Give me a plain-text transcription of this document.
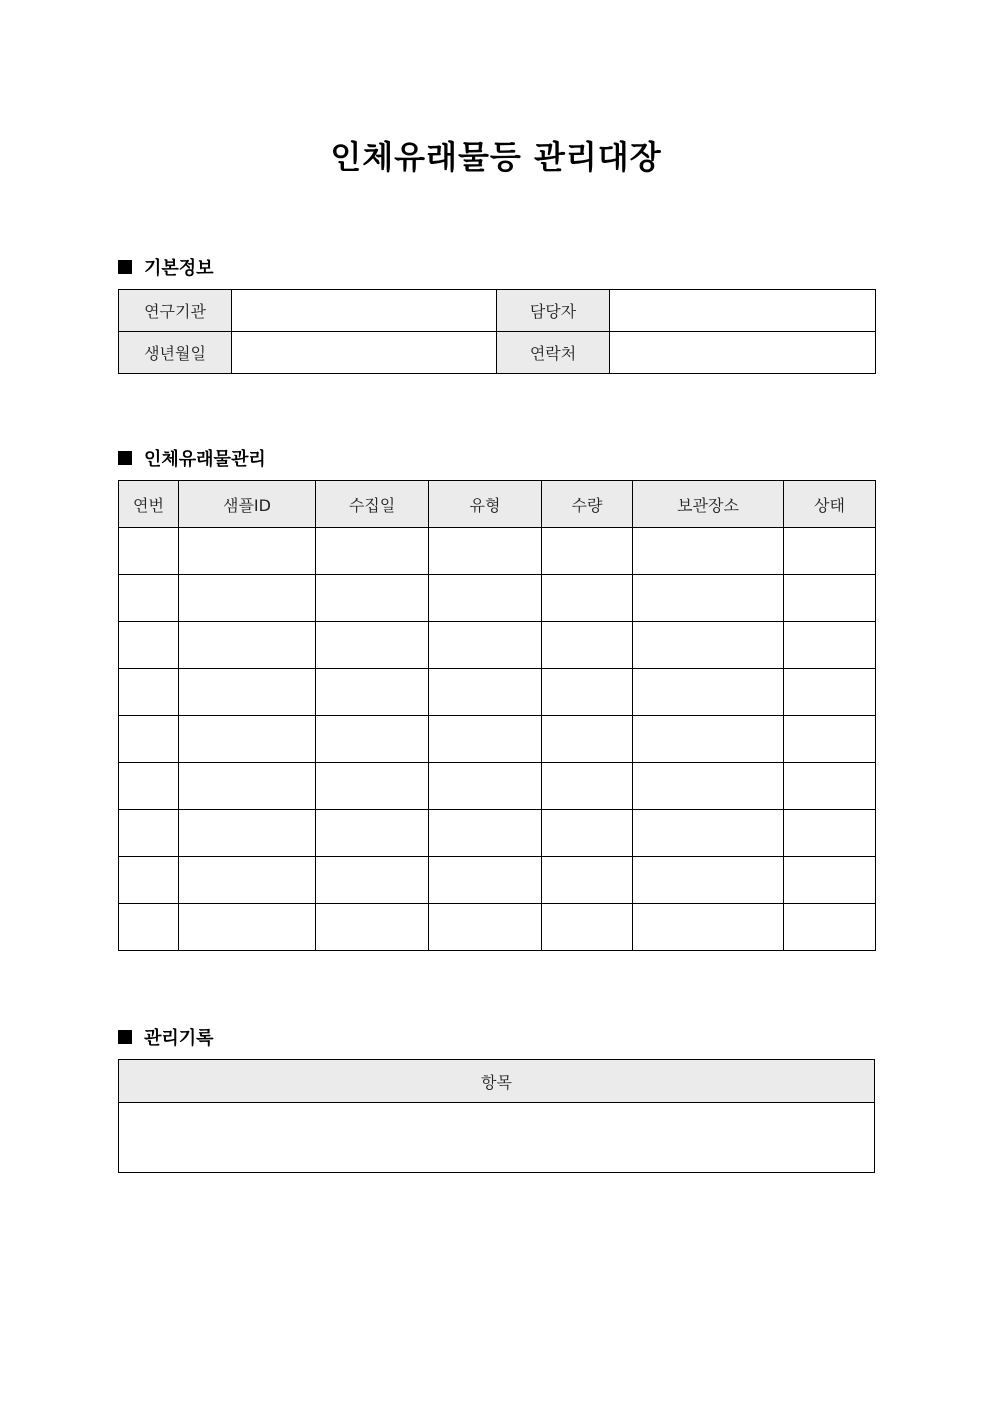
인체유래물등 관리대장
기본정보
연구기관		담당자	
생년월일		연락처	
인체유래물관리
연번	샘플ID	수집일	유형	수량	보관장소	상태

관리기록
항목
